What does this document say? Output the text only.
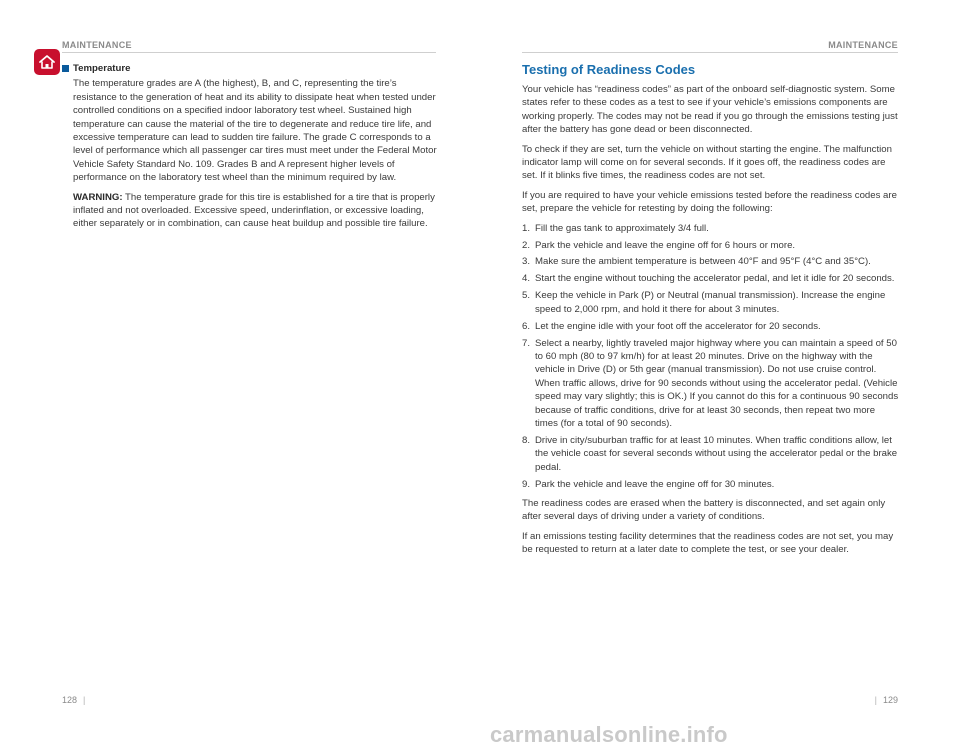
MAINTENANCE
Temperature

The temperature grades are A (the highest), B, and C, representing the tire’s resistance to the generation of heat and its ability to dissipate heat when tested under controlled conditions on a specified indoor laboratory test wheel. Sustained high temperature can cause the material of the tire to degenerate and reduce tire life, and excessive temperature can lead to sudden tire failure. The grade C corresponds to a level of performance which all passenger car tires must meet under the Federal Motor Vehicle Safety Standard No. 109. Grades B and A represent higher levels of performance on the laboratory test wheel than the minimum required by law.

WARNING: The temperature grade for this tire is established for a tire that is properly inflated and not overloaded. Excessive speed, underinflation, or excessive loading, either separately or in combination, can cause heat buildup and possible tire failure.

128 |
MAINTENANCE
Testing of Readiness Codes

Your vehicle has “readiness codes” as part of the onboard self-diagnostic system. Some states refer to these codes as a test to see if your vehicle’s emissions components are working properly. The codes may not be read if you go through the emissions testing just after the battery has gone dead or been disconnected.

To check if they are set, turn the vehicle on without starting the engine. The malfunction indicator lamp will come on for several seconds. If it goes off, the readiness codes are set. If it blinks five times, the readiness codes are not set.

If you are required to have your vehicle emissions tested before the readiness codes are set, prepare the vehicle for retesting by doing the following:

1. Fill the gas tank to approximately 3/4 full.
2. Park the vehicle and leave the engine off for 6 hours or more.
3. Make sure the ambient temperature is between 40°F and 95°F (4°C and 35°C).
4. Start the engine without touching the accelerator pedal, and let it idle for 20 seconds.
5. Keep the vehicle in Park (P) or Neutral (manual transmission). Increase the engine speed to 2,000 rpm, and hold it there for about 3 minutes.
6. Let the engine idle with your foot off the accelerator for 20 seconds.
7. Select a nearby, lightly traveled major highway where you can maintain a speed of 50 to 60 mph (80 to 97 km/h) for at least 20 minutes. Drive on the highway with the vehicle in Drive (D) or 5th gear (manual transmission). Do not use cruise control. When traffic allows, drive for 90 seconds without using the accelerator pedal. (Vehicle speed may vary slightly; this is OK.) If you cannot do this for a continuous 90 seconds because of traffic conditions, drive for at least 30 seconds, then repeat two more times (for a total of 90 seconds).
8. Drive in city/suburban traffic for at least 10 minutes. When traffic conditions allow, let the vehicle coast for several seconds without using the accelerator pedal or the brake pedal.
9. Park the vehicle and leave the engine off for 30 minutes.

The readiness codes are erased when the battery is disconnected, and set again only after several days of driving under a variety of conditions.

If an emissions testing facility determines that the readiness codes are not set, you may be requested to return at a later date to complete the test, or see your dealer.

| 129
carmanualsonline.info
